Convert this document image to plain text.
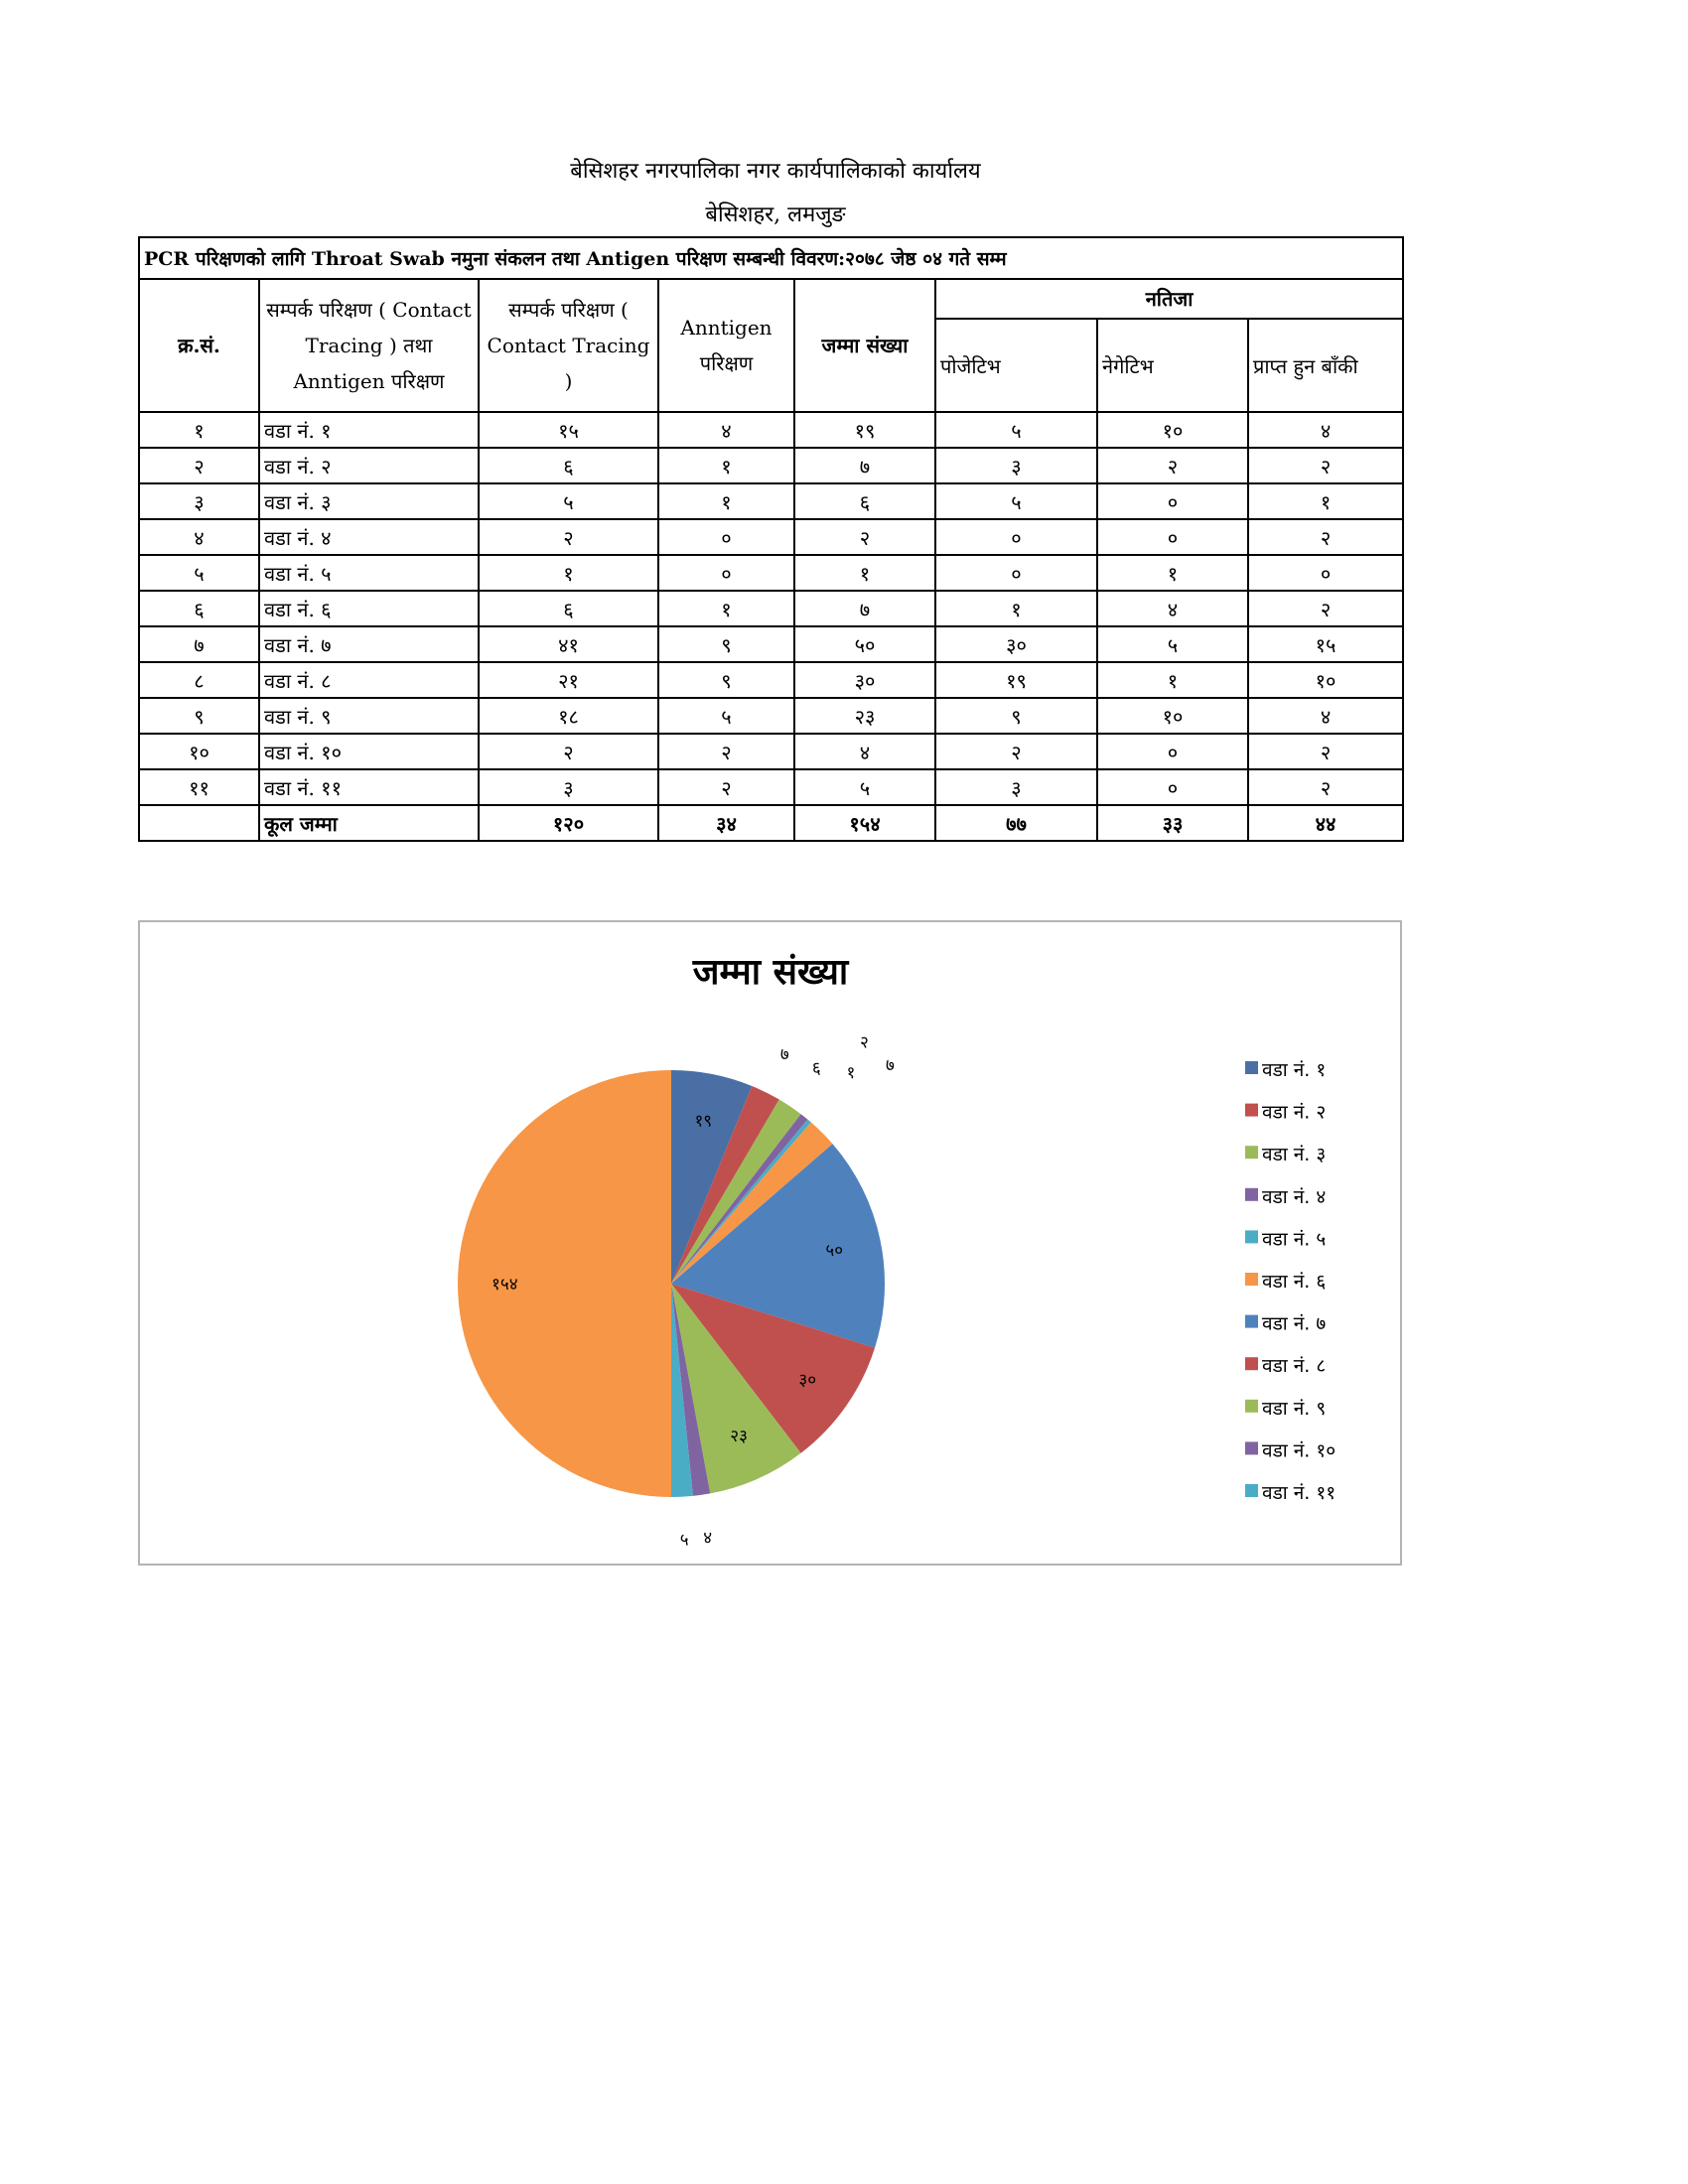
बेसिशहर नगरपालिका नगर कार्यपालिकाको कार्यालय
बेसिशहर, लमजुङ
PCR परिक्षणको लागि Throat Swab नमुना संकलन तथा Antigen परिक्षण सम्बन्धी विवरण:२०७८ जेष्ठ ०४ गते सम्म							
क्र.सं.	सम्पर्क परिक्षण ( Contact Tracing ) तथा Anntigen परिक्षण	सम्पर्क परिक्षण ( Contact Tracing )	Anntigen परिक्षण	जम्मा संख्या	नतिजा		
					पोजेटिभ	नेगेटिभ	प्राप्त हुन बाँकी
१	वडा नं. १	१५	४	१९	५	१०	४
२	वडा नं. २	६	१	७	३	२	२
३	वडा नं. ३	५	१	६	५	०	१
४	वडा नं. ४	२	०	२	०	०	२
५	वडा नं. ५	१	०	१	०	१	०
६	वडा नं. ६	६	१	७	१	४	२
७	वडा नं. ७	४१	९	५०	३०	५	१५
८	वडा नं. ८	२१	९	३०	१९	१	१०
९	वडा नं. ९	१८	५	२३	९	१०	४
१०	वडा नं. १०	२	२	४	२	०	२
११	वडा नं. ११	३	२	५	३	०	२
	कूल जम्मा	१२०	३४	१५४	७७	३३	४४
जम्मा संख्या
१९
७
६
२
१ ७
५०
३०
२३
४
५
१५४
वडा नं. १
वडा नं. २
वडा नं. ३
वडा नं. ४
वडा नं. ५
वडा नं. ६
वडा नं. ७
वडा नं. ८
वडा नं. ९
वडा नं. १०
वडा नं. ११
